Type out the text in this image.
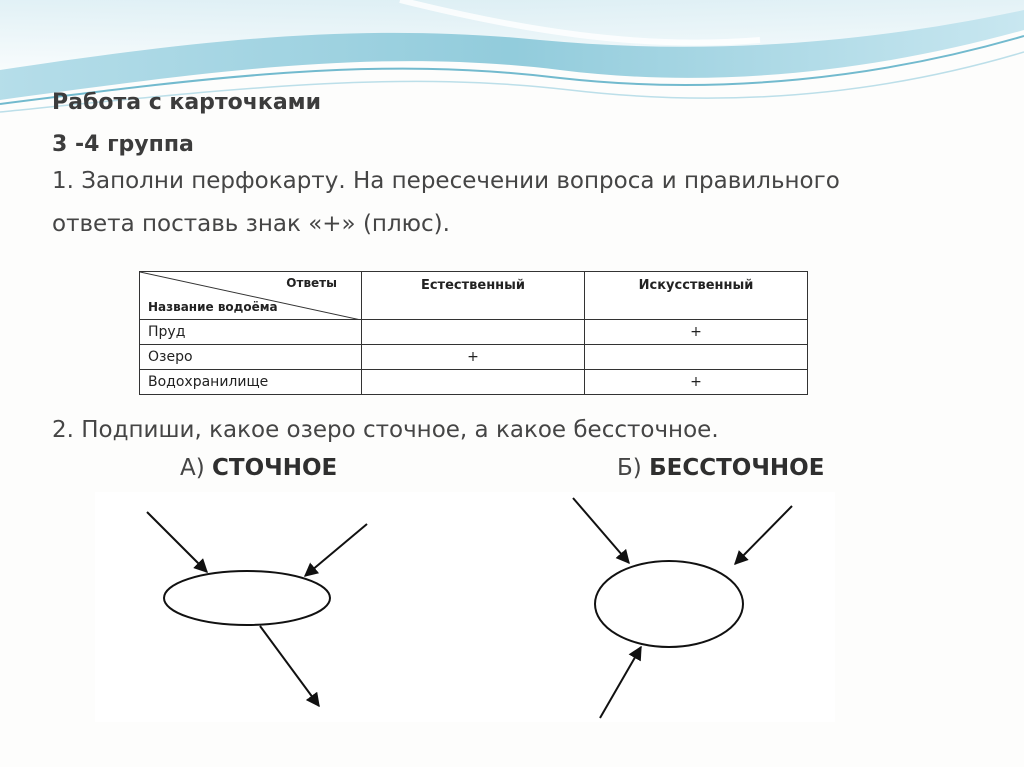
Работа с карточками

3 -4 группа

1. Заполни перфокарту. На пересечении вопроса и правильного

ответа поставь знак «+» (плюс).

Ответы
Название водоёма	Естественный	Искусственный
Пруд		+
Озеро	+	
Водохранилище		+

2. Подпиши, какое озеро сточное, а какое бессточное.

А) СТОЧНОЕ	Б) БЕССТОЧНОЕ
